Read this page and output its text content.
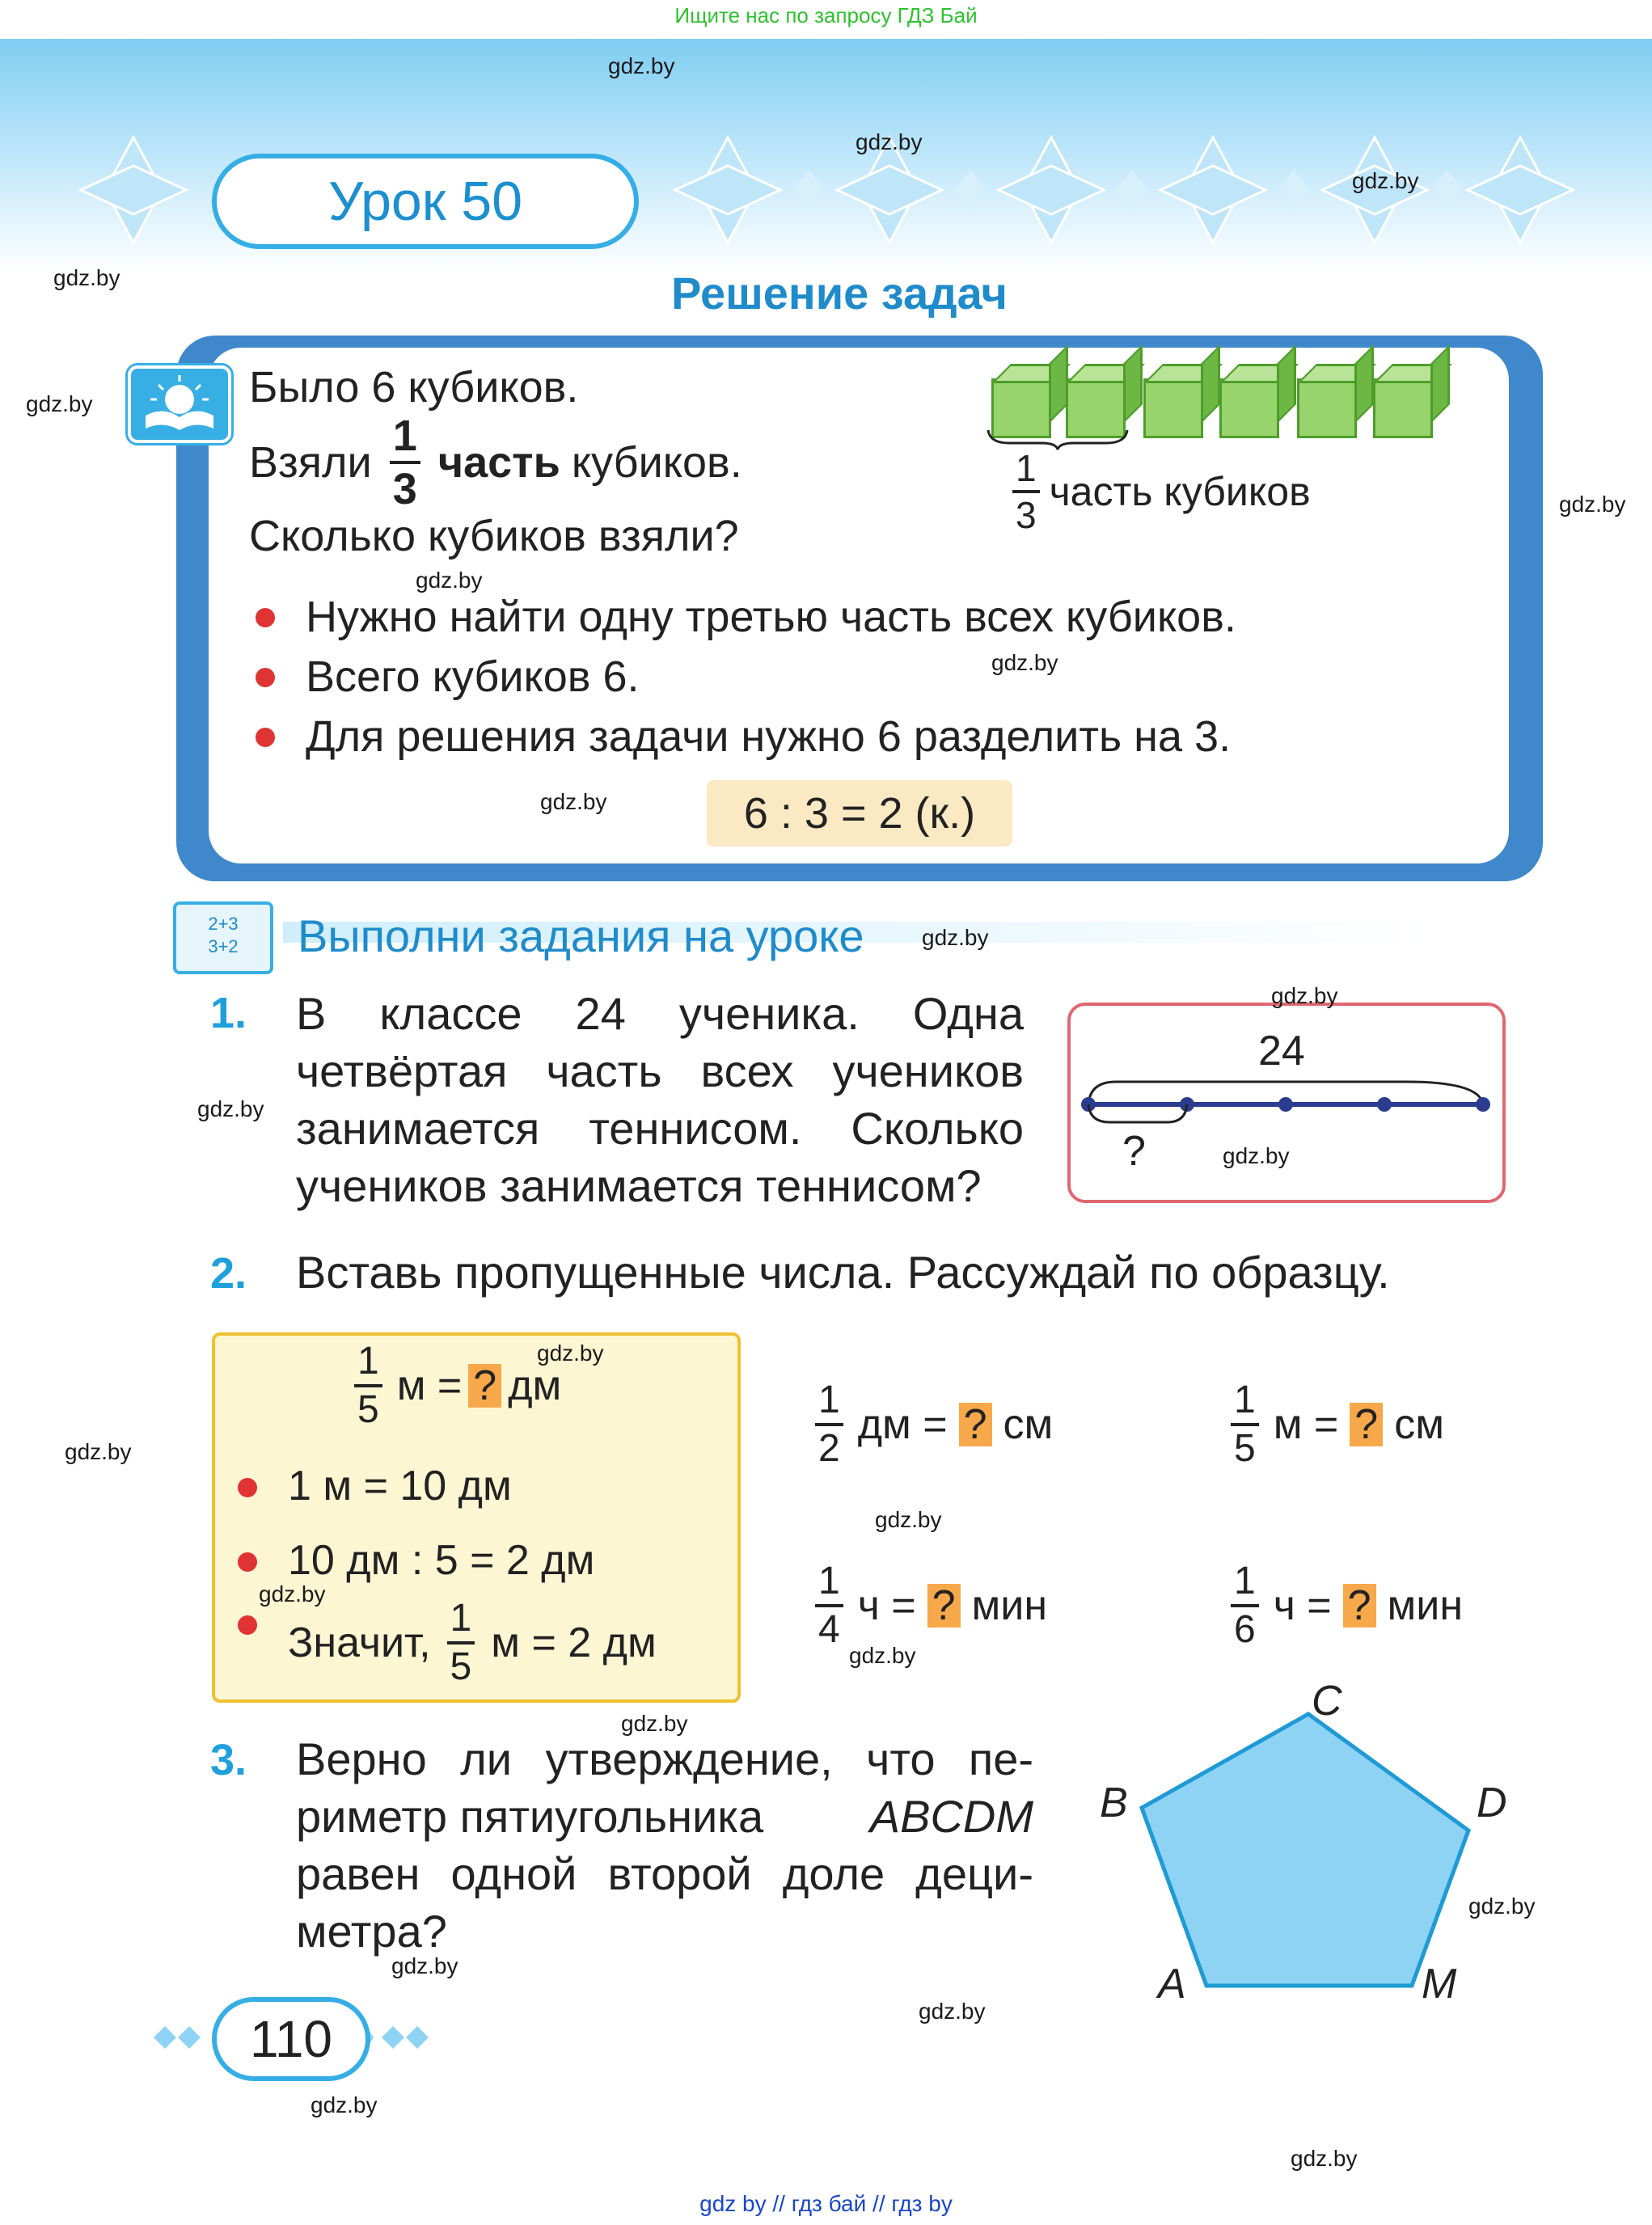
Ищите нас по запросу ГДЗ Бай
gdz.by
gdz.by
gdz.by
gdz.by
gdz.by
gdz.by
Урок 50
Решение задач
Было 6 кубиков.
Взяли $\frac{1}{3}$ часть кубиков.
Сколько кубиков взяли?
$\frac{1}{3}$ часть кубиков
gdz.by
Нужно найти одну третью часть всех кубиков.
gdz.by
Всего кубиков 6.
Для решения задачи нужно 6 разделить на 3.
gdz.by	6 : 3 = 2 (к.)
2+3
3+2	Выполни задания на уроке	gdz.by
1. В классе 24 ученика. Одна
четвёртая часть всех учеников
занимается теннисом. Сколько
учеников занимается теннисом?
gdz.by
gdz.by
24
?	gdz.by
2. Вставь пропущенные числа. Рассуждай по образцу.
gdz.by
$\frac{1}{5}$ м = ? дм
1 м = 10 дм
10 дм : 5 = 2 дм
gdz.by
Значит, $\frac{1}{5}$ м = 2 дм
gdz.by	$\frac{1}{2}$ дм = ? см	$\frac{1}{5}$ м = ? см
gdz.by
$\frac{1}{4}$ ч = ? мин
gdz.by
$\frac{1}{6}$ ч = ? мин
gdz.by
3. Верно ли утверждение, что пе-
риметр пятиугольника ABCDM
равен одной второй доле деци-
метра?
gdz.by
C
B	D
A	M
gdz.by
110	gdz.by
gdz.by
gdz.by
gdz by // гдз бай // гдз by
